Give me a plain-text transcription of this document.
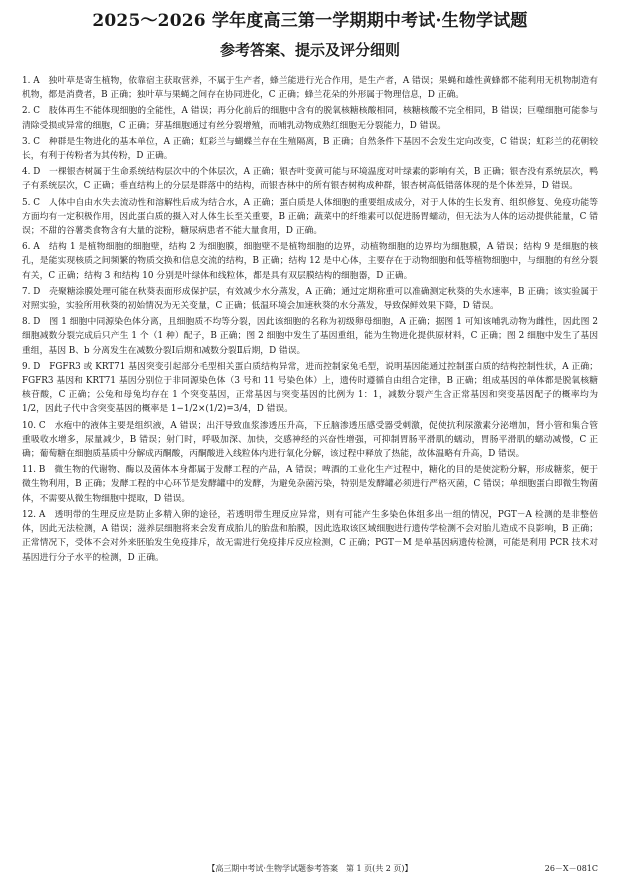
2025～2026 学年度高三第一学期期中考试·生物学试题
参考答案、提示及评分细则
1. A　独叶草是寄生植物，依靠宿主获取营养，不属于生产者，蜂兰能进行光合作用，是生产者，A 错误；果蝇和雄性黄蜂都不能利用无机物制造有机物，都是消费者，B 正确；独叶草与果蝇之间存在协同进化，C 正确；蜂兰花朵的外形属于物理信息，D 正确。
2. C　肢体再生不能体现细胞的全能性，A 错误；再分化前后的细胞中含有的脱氧核糖核酸相同，核糖核酸不完全相同，B 错误；巨噬细胞可能参与清除受损或异常的细胞，C 正确；芽基细胞通过有丝分裂增殖，而哺乳动物成熟红细胞无分裂能力，D 错误。
3. C　种群是生物进化的基本单位，A 正确；虹彩兰与蝴蝶兰存在生殖隔离，B 正确；自然条件下基因不会发生定向改变，C 错误；虹彩兰的花朝较长，有利于传粉者为其传粉，D 正确。
4. D　一棵银杏树属于生命系统结构层次中的个体层次，A 正确；银杏叶变黄可能与环境温度对叶绿素的影响有关，B 正确；银杏没有系统层次，鸭子有系统层次，C 正确；垂直结构上的分层是群落中的结构，而银杏林中的所有银杏树构成种群，银杏树高低错落体现的是个体差异，D 错误。
5. C　人体中自由水失去流动性和溶解性后成为结合水，A 正确；蛋白质是人体细胞的重要组成成分，对于人体的生长发育、组织修复、免疫功能等方面均有一定积极作用，因此蛋白质的摄入对人体生长至关重要，B 正确；蔬菜中的纤维素可以促进肠胃蠕动，但无法为人体的运动提供能量，C 错误；不甜的谷薯类食物含有大量的淀粉，糖尿病患者不能大量食用，D 正确。
6. A　结构 1 是植物细胞的细胞壁，结构 2 为细胞膜，细胞壁不是植物细胞的边界，动植物细胞的边界均为细胞膜，A 错误；结构 9 是细胞的核孔，是能实现核质之间频繁的物质交换和信息交流的结构，B 正确；结构 12 是中心体，主要存在于动物细胞和低等植物细胞中，与细胞的有丝分裂有关，C 正确；结构 3 和结构 10 分别是叶绿体和线粒体，都是具有双层膜结构的细胞器，D 正确。
7. D　壳聚糖涂膜处理可能在秋葵表面形成保护层，有效减少水分蒸发，A 正确；通过定期称重可以准确测定秋葵的失水速率，B 正确；该实验属于对照实验，实验所用秋葵的初始情况为无关变量，C 正确；低温环境会加速秋葵的水分蒸发，导致保鲜效果下降，D 错误。
8. D　图 1 细胞中同源染色体分离，且细胞质不均等分裂，因此该细胞的名称为初级卵母细胞，A 正确；据图 1 可知该哺乳动物为雌性，因此图 2 细胞减数分裂完成后只产生 1 个（1 种）配子，B 正确；图 2 细胞中发生了基因重组，能为生物进化提供原材料，C 正确；图 2 细胞中发生了基因重组，基因 B、b 分离发生在减数分裂Ⅰ后期和减数分裂Ⅱ后期，D 错误。
9. D　FGFR3 或 KRT71 基因突变引起部分毛型相关蛋白质结构异常，进而控制家兔毛型，说明基因能通过控制蛋白质的结构控制性状，A 正确；FGFR3 基因和 KRT71 基因分别位于非同源染色体（3 号和 11 号染色体）上，遗传时遵循自由组合定律，B 正确；组成基因的单体都是脱氧核糖核苷酸，C 正确；公兔和母兔均存在 1 个突变基因，正常基因与突变基因的比例为 1：1，减数分裂产生含正常基因和突变基因配子的概率均为 1/2，因此子代中含突变基因的概率是 1−1/2×(1/2)=3/4，D 错误。
10. C　水疱中的液体主要是组织液，A 错误；出汗导致血浆渗透压升高，下丘脑渗透压感受器受刺激，促使抗利尿激素分泌增加，肾小管和集合管重吸收水增多，尿量减少，B 错误；射门时，呼吸加深、加快，交感神经的兴奋性增强，可抑制胃肠平滑肌的蠕动，胃肠平滑肌的蠕动减慢，C 正确；葡萄糖在细胞质基质中分解成丙酮酸，丙酮酸进入线粒体内进行氧化分解，该过程中释放了热能，故体温略有升高，D 错误。
11. B　微生物的代谢物、酶以及菌体本身都属于发酵工程的产品，A 错误；啤酒的工业化生产过程中，糖化的目的是使淀粉分解，形成糖浆，便于微生物利用，B 正确；发酵工程的中心环节是发酵罐中的发酵，为避免杂菌污染，特别是发酵罐必须进行严格灭菌，C 错误；单细胞蛋白即微生物菌体，不需要从微生物细胞中提取，D 错误。
12. A　透明带的生理反应是防止多精入卵的途径，若透明带生理反应异常，则有可能产生多染色体组多出一组的情况，PGT－A 检测的是非整倍体，因此无法检测，A 错误；滋养层细胞将来会发育成胎儿的胎盘和胎膜，因此选取该区域细胞进行遗传学检测不会对胎儿造成不良影响，B 正确；正常情况下，受体不会对外来胚胎发生免疫排斥，故无需进行免疫排斥反应检测，C 正确；PGT－M 是单基因病遗传检测，可能是利用 PCR 技术对基因进行分子水平的检测，D 正确。
【高三期中考试·生物学试题参考答案　第 1 页(共 2 页)】	26－X－081C
